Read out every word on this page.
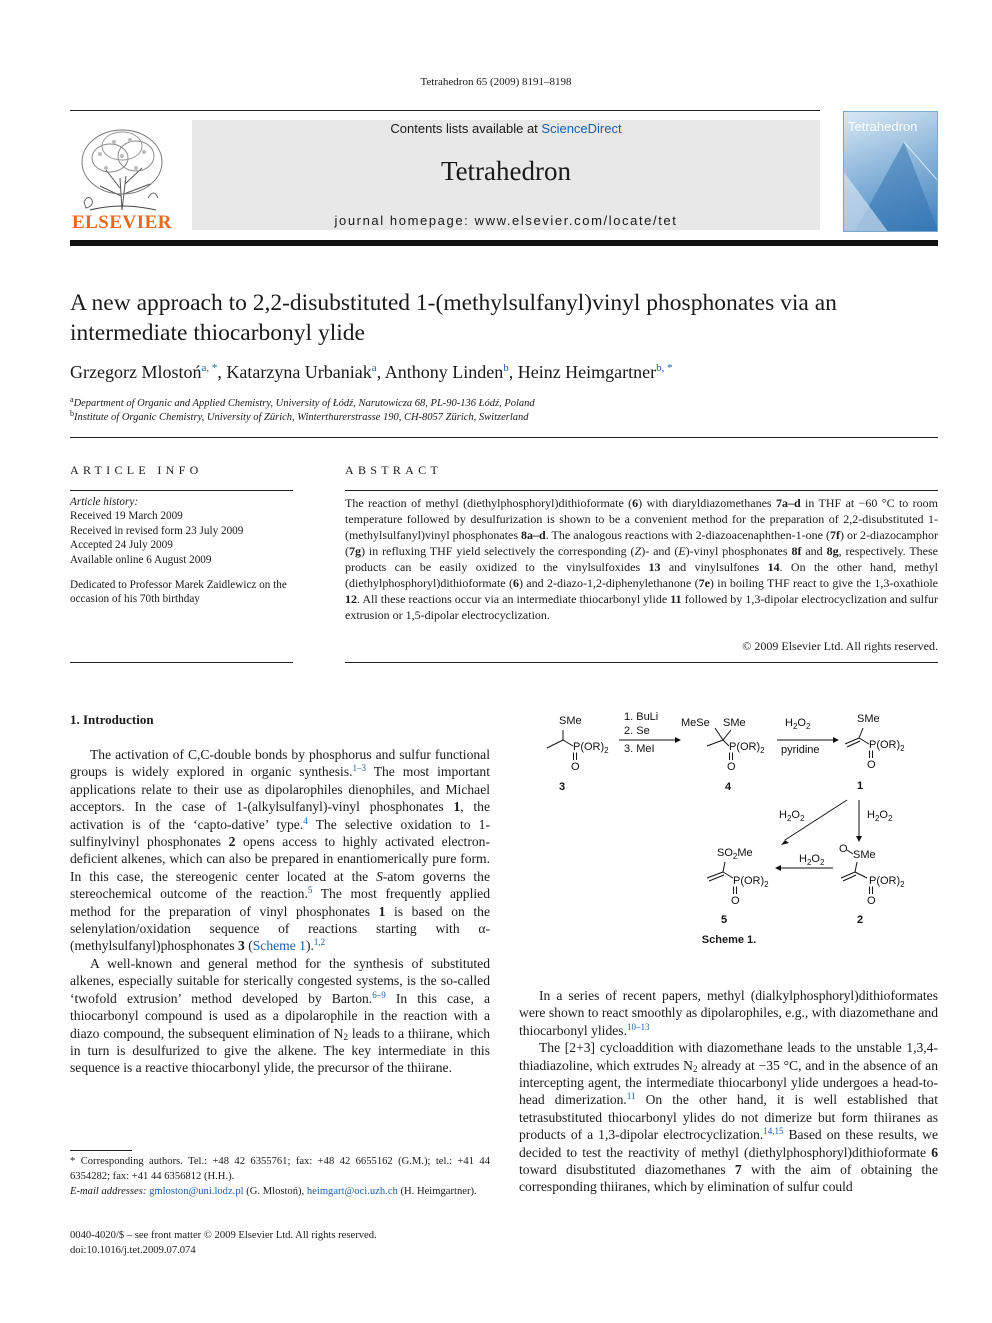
Tetrahedron 65 (2009) 8191–8198
ELSEVIER
Contents lists available at ScienceDirect
Tetrahedron
journal homepage: www.elsevier.com/locate/tet
Tetrahedron
A new approach to 2,2-disubstituted 1-(methylsulfanyl)vinyl phosphonates via an intermediate thiocarbonyl ylide
Grzegorz Mlostoń$^{a, *}$, Katarzyna Urbaniak$^a$, Anthony Linden$^b$, Heinz Heimgartner$^{b, *}$
$^a$Department of Organic and Applied Chemistry, University of Łódź, Narutowicza 68, PL-90-136 Łódź, Poland
$^b$Institute of Organic Chemistry, University of Zürich, Winterthurerstrasse 190, CH-8057 Zürich, Switzerland
ARTICLE INFO
Article history:
Received 19 March 2009
Received in revised form 23 July 2009
Accepted 24 July 2009
Available online 6 August 2009
Dedicated to Professor Marek Zaidlewicz on the occasion of his 70th birthday
ABSTRACT
The reaction of methyl (diethylphosphoryl)dithioformate (6) with diaryldiazomethanes 7a–d in THF at −60 °C to room temperature followed by desulfurization is shown to be a convenient method for the preparation of 2,2-disubstituted 1-(methylsulfanyl)vinyl phosphonates 8a–d. The analogous reactions with 2-diazoacenaphthen-1-one (7f) or 2-diazocamphor (7g) in refluxing THF yield selectively the corresponding (Z)- and (E)-vinyl phosphonates 8f and 8g, respectively. These products can be easily oxidized to the vinylsulfoxides 13 and vinylsulfones 14. On the other hand, methyl (diethylphosphoryl)dithioformate (6) and 2-diazo-1,2-diphenylethanone (7e) in boiling THF react to give the 1,3-oxathiole 12. All these reactions occur via an intermediate thiocarbonyl ylide 11 followed by 1,3-dipolar electrocyclization and sulfur extrusion or 1,5-dipolar electrocyclization.
© 2009 Elsevier Ltd. All rights reserved.
1. Introduction

The activation of C,C-double bonds by phosphorus and sulfur functional groups is widely explored in organic synthesis.$^{1-3}$ The most important applications relate to their use as dipolarophiles dienophiles, and Michael acceptors. In the case of 1-(alkylsulfanyl)-vinyl phosphonates 1, the activation is of the ‘capto-dative’ type.$^4$ The selective oxidation to 1-sulfinylvinyl phosphonates 2 opens access to highly activated electron-deficient alkenes, which can also be prepared in enantiomerically pure form. In this case, the stereogenic center located at the S-atom governs the stereochemical outcome of the reaction.$^5$ The most frequently applied method for the preparation of vinyl phosphonates 1 is based on the selenylation/oxidation sequence of reactions starting with α-(methylsulfanyl)phosphonates 3 (Scheme 1).$^{1,2}$

A well-known and general method for the synthesis of substituted alkenes, especially suitable for sterically congested systems, is the so-called ‘twofold extrusion’ method developed by Barton.$^{6-9}$ In this case, a thiocarbonyl compound is used as a dipolarophile in the reaction with a diazo compound, the subsequent elimination of $N_2$ leads to a thiirane, which in turn is desulfurized to give the alkene. The key intermediate in this sequence is a reactive thiocarbonyl ylide, the precursor of the thiirane.

SMe
$P(OR)_2$
II
O
1. BuLi
2. Se
3. MeI
MeSe SMe
$P(OR)_2$
II
O
$H_2O_2$
pyridine
SMe
$P(OR)_2$
II
O
3	4	1
$H_2O_2$	$H_2O_2$
O SMe
$P(OR)_2$
II
O
$H_2O_2$
$SO_2Me$
$P(OR)_2$
II
O
5	2
Scheme 1.

In a series of recent papers, methyl (dialkylphosphoryl)dithioformates were shown to react smoothly as dipolarophiles, e.g., with diazomethane and thiocarbonyl ylides.$^{10-13}$

The [2+3] cycloaddition with diazomethane leads to the unstable 1,3,4-thiadiazoline, which extrudes $N_2$ already at −35 °C, and in the absence of an intercepting agent, the intermediate thiocarbonyl ylide undergoes a head-to-head dimerization.$^{11}$ On the other hand, it is well established that tetrasubstituted thiocarbonyl ylides do not dimerize but form thiiranes as products of a 1,3-dipolar electrocyclization.$^{14,15}$ Based on these results, we decided to test the reactivity of methyl (diethylphosphoryl)dithioformate 6 toward disubstituted diazomethanes 7 with the aim of obtaining the corresponding thiiranes, which by elimination of sulfur could

* Corresponding authors. Tel.: +48 42 6355761; fax: +48 42 6655162 (G.M.); tel.: +41 44 6354282; fax: +41 44 6356812 (H.H.).
E-mail addresses: gmloston@uni.lodz.pl (G. Mlostoń), heimgart@oci.uzh.ch (H. Heimgartner).
0040-4020/$ – see front matter © 2009 Elsevier Ltd. All rights reserved.
doi:10.1016/j.tet.2009.07.074
